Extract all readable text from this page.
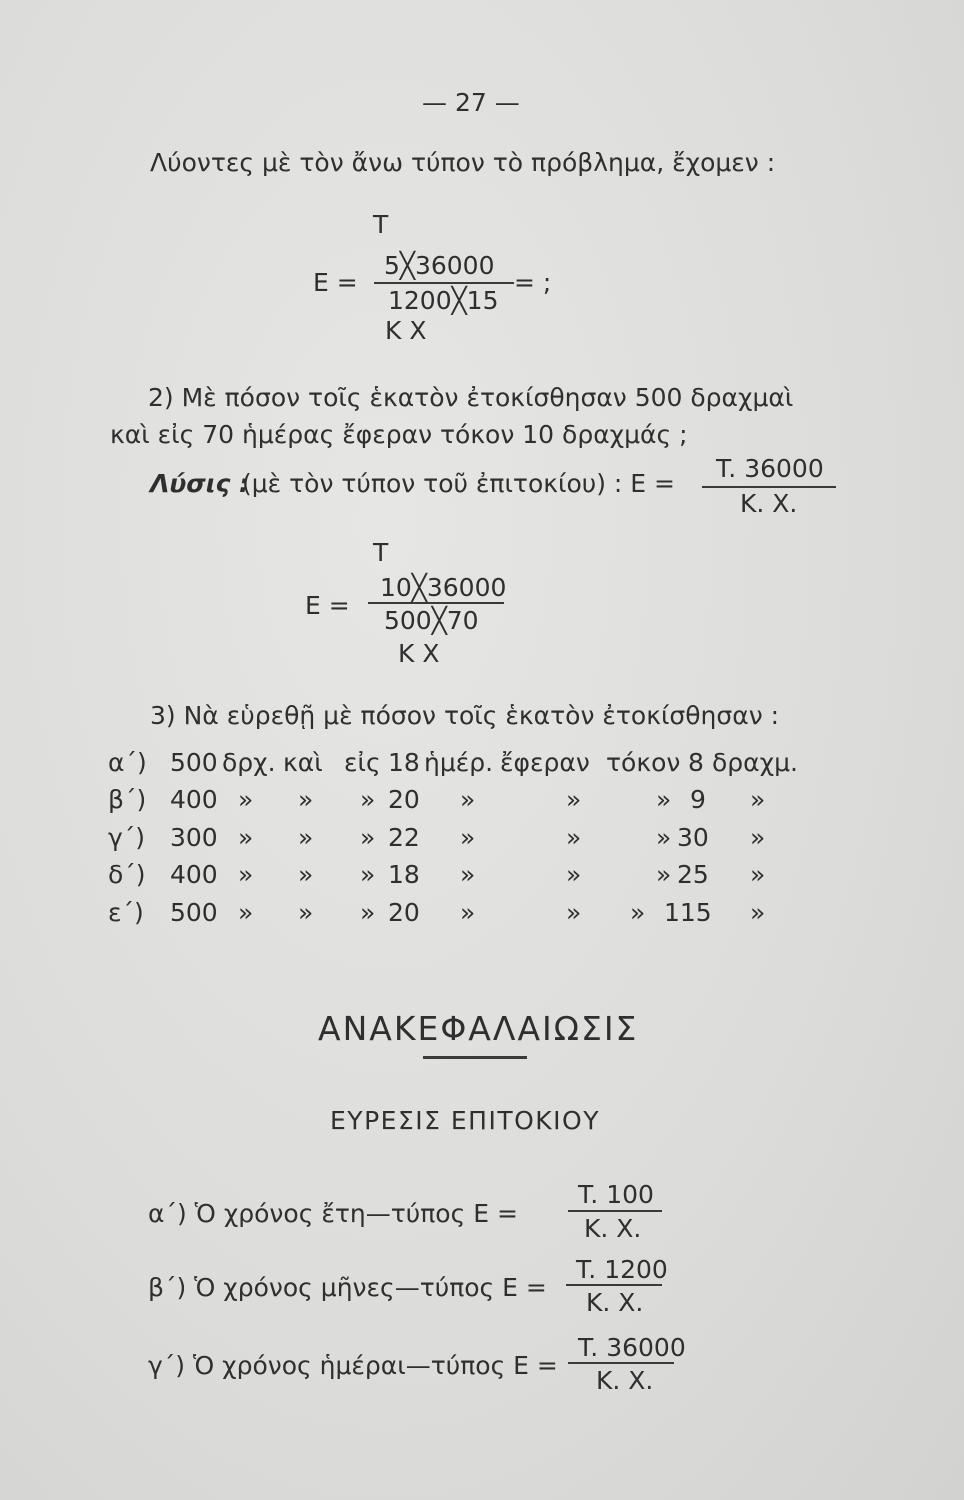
— 27 —
Λύοντες μὲ τὸν ἄνω τύπον τὸ πρόβλημα, ἔχομεν :
T
E =
5╳36000
1200╳15
= ;
K X
2) Μὲ πόσον τοῖς ἑκατὸν ἐτοκίσθησαν 500 δραχμαὶ
καὶ εἰς 70 ἡμέρας ἔφεραν τόκον 10 δραχμάς ;
Λύσις :
(μὲ τὸν τύπον τοῦ ἐπιτοκίου) : E =
T. 36000
K. X.
T
E =
10╳36000
500╳70
K X
3) Νὰ εὑρεθῇ μὲ πόσον τοῖς ἑκατὸν ἐτοκίσθησαν :
α΄) 500 δρχ. καὶ εἰς 18 ἡμέρ. ἔφεραν τόκον 8 δραχμ.
β΄) 400 » » » 20 »	»	» 9 »
γ΄) 300 » » » 22 »	»	» 30 »
δ΄) 400 » » » 18 »	»	» 25 »
ε΄) 500 » » » 20 »	» » 115 »
ΑΝΑΚΕΦΑΛΑΙΩΣΙΣ
ΕΥΡΕΣΙΣ ΕΠΙΤΟΚΙΟΥ
α΄) Ὁ χρόνος ἔτη—τύπος E =
T. 100
K. X.
β΄) Ὁ χρόνος μῆνες—τύπος E =
T. 1200
K. X.
γ΄) Ὁ χρόνος ἡμέραι—τύπος E =
T. 36000
K. X.
